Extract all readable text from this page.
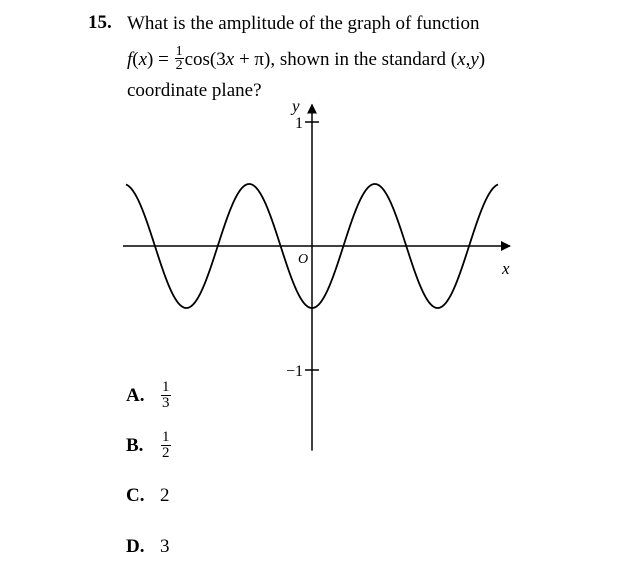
15. What is the amplitude of the graph of function
$f(x) = \frac{1}{2} \cos(3x + \pi)$, shown in the standard (x,y)
coordinate plane?
y
x
O
1
−1
A.	$\frac{1}{3}$
B.	$\frac{1}{2}$
C. 2
D. 3
